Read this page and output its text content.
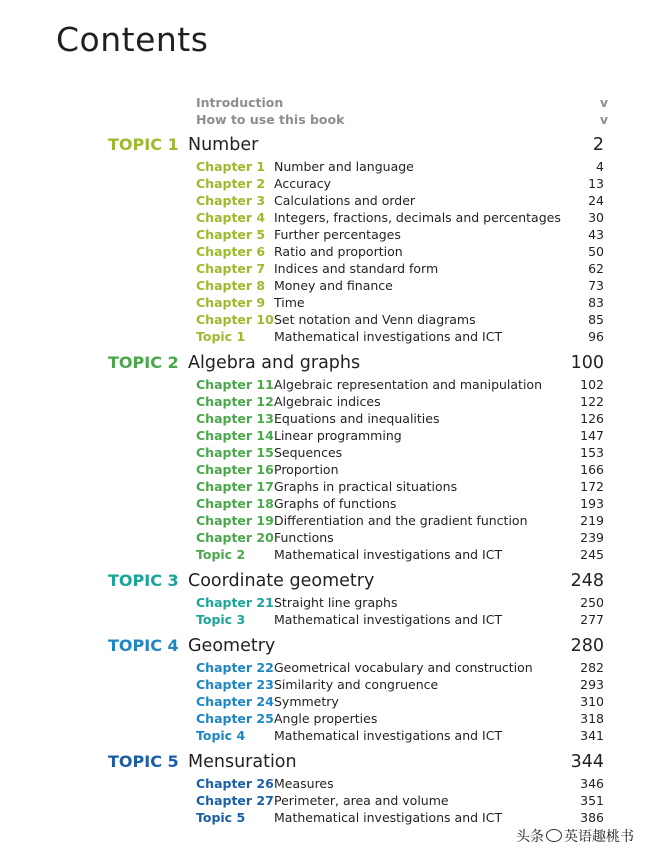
Contents
Introduction	v
How to use this book	v
TOPIC 1 Number	2
Chapter 1 Number and language	4
Chapter 2 Accuracy	13
Chapter 3 Calculations and order	24
Chapter 4 Integers, fractions, decimals and percentages	30
Chapter 5 Further percentages	43
Chapter 6 Ratio and proportion	50
Chapter 7 Indices and standard form	62
Chapter 8 Money and finance	73
Chapter 9 Time	83
Chapter 10 Set notation and Venn diagrams	85
Topic 1	Mathematical investigations and ICT	96
TOPIC 2 Algebra and graphs	100
Chapter 11 Algebraic representation and manipulation	102
Chapter 12 Algebraic indices	122
Chapter 13 Equations and inequalities	126
Chapter 14 Linear programming	147
Chapter 15 Sequences	153
Chapter 16 Proportion	166
Chapter 17 Graphs in practical situations	172
Chapter 18 Graphs of functions	193
Chapter 19 Differentiation and the gradient function	219
Chapter 20 Functions	239
Topic 2	Mathematical investigations and ICT	245
TOPIC 3 Coordinate geometry	248
Chapter 21 Straight line graphs	250
Topic 3	Mathematical investigations and ICT	277
TOPIC 4 Geometry	280
Chapter 22 Geometrical vocabulary and construction	282
Chapter 23 Similarity and congruence	293
Chapter 24 Symmetry	310
Chapter 25 Angle properties	318
Topic 4	Mathematical investigations and ICT	341
TOPIC 5 Mensuration	344
Chapter 26 Measures	346
Chapter 27 Perimeter, area and volume	351
Topic 5	Mathematical investigations and ICT	386
头条 英语趣桃书
